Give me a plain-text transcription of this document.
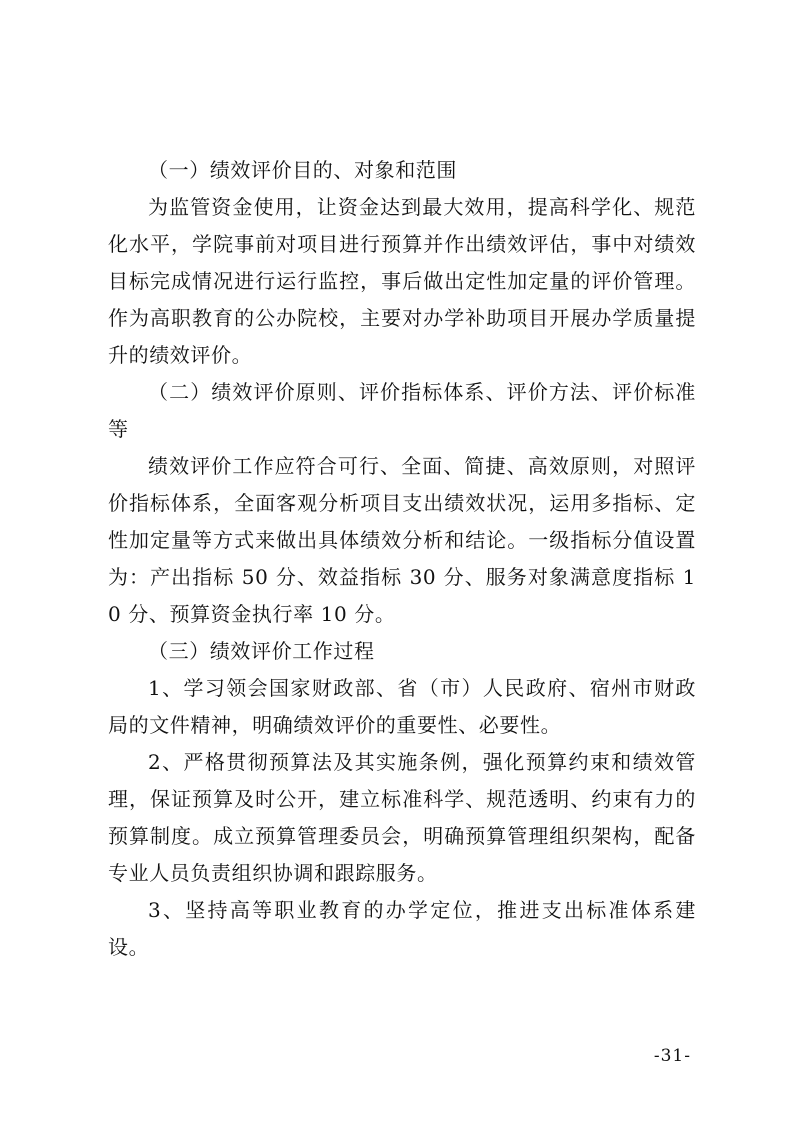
（一）绩效评价目的、对象和范围

为监管资金使用，让资金达到最大效用，提高科学化、规范化水平，学院事前对项目进行预算并作出绩效评估，事中对绩效目标完成情况进行运行监控，事后做出定性加定量的评价管理。作为高职教育的公办院校，主要对办学补助项目开展办学质量提升的绩效评价。

（二）绩效评价原则、评价指标体系、评价方法、评价标准等

绩效评价工作应符合可行、全面、简捷、高效原则，对照评价指标体系，全面客观分析项目支出绩效状况，运用多指标、定性加定量等方式来做出具体绩效分析和结论。一级指标分值设置为：产出指标 50 分、效益指标 30 分、服务对象满意度指标 10 分、预算资金执行率 10 分。

（三）绩效评价工作过程

1、学习领会国家财政部、省（市）人民政府、宿州市财政局的文件精神，明确绩效评价的重要性、必要性。

2、严格贯彻预算法及其实施条例，强化预算约束和绩效管理，保证预算及时公开，建立标准科学、规范透明、约束有力的预算制度。成立预算管理委员会，明确预算管理组织架构，配备专业人员负责组织协调和跟踪服务。

3、坚持高等职业教育的办学定位，推进支出标准体系建设。

-31-
